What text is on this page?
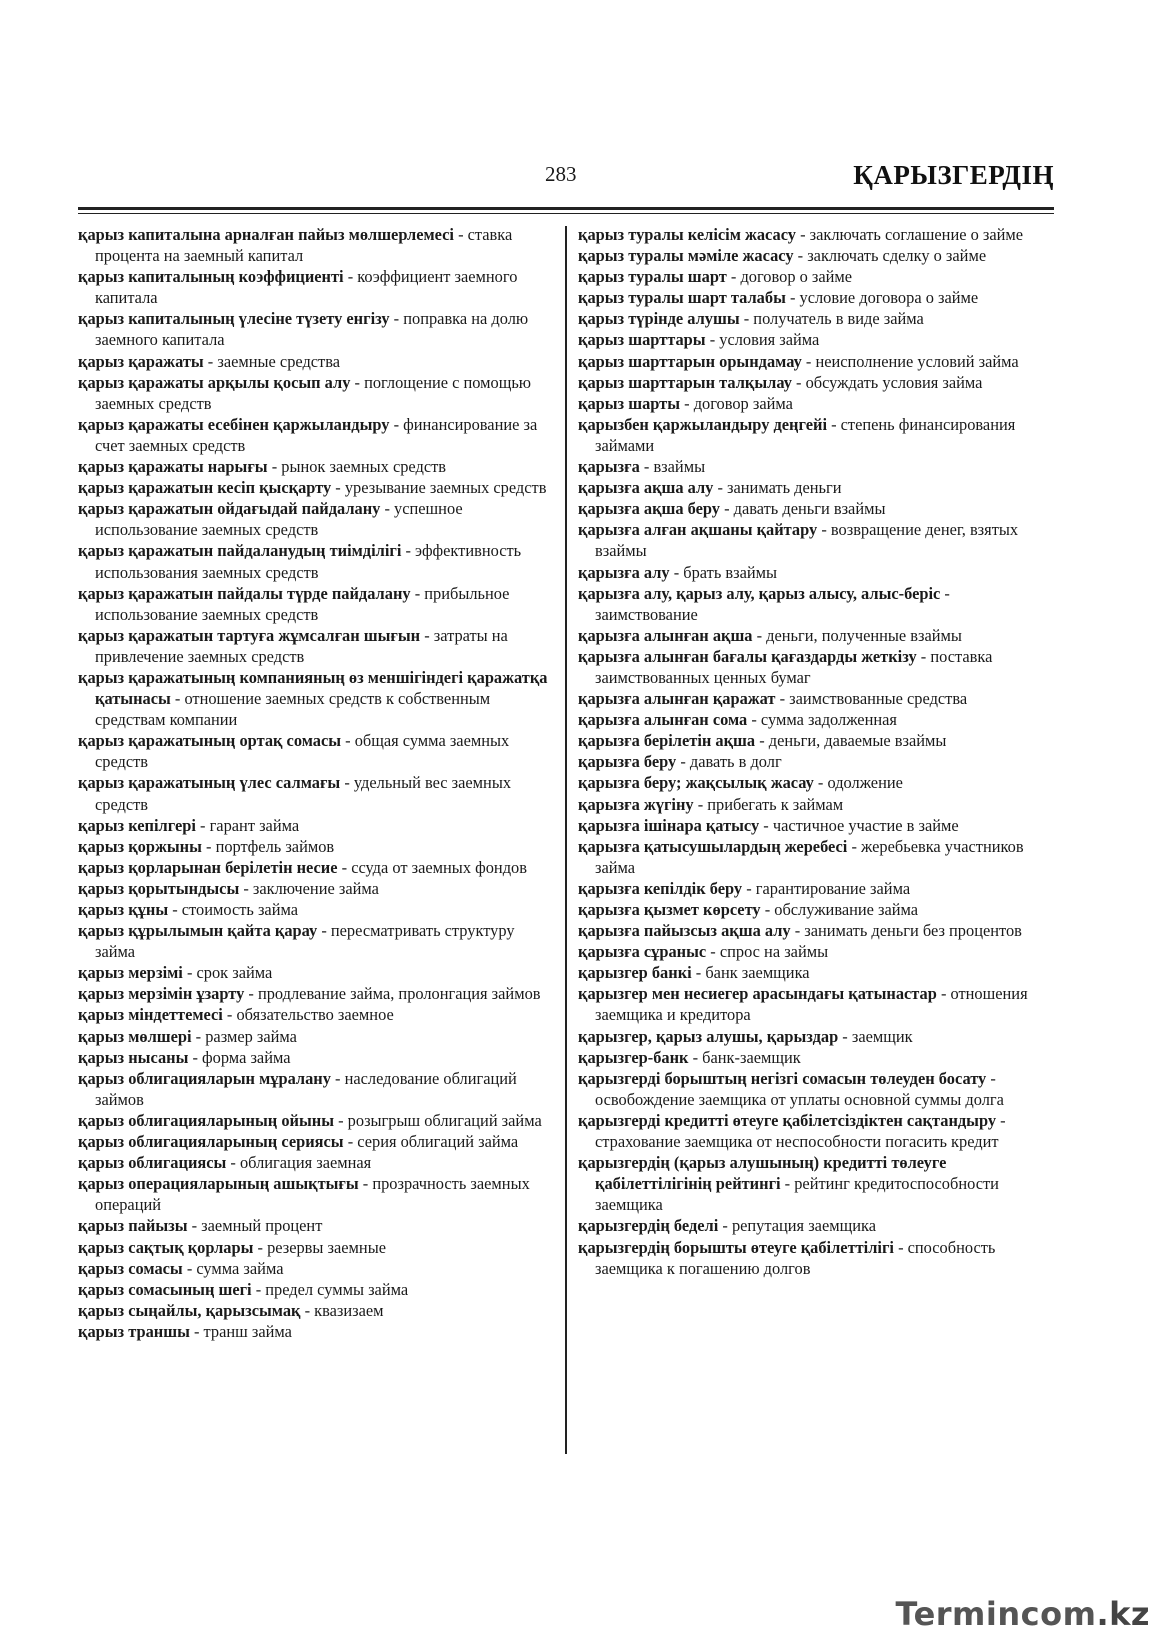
283	ҚАРЫЗГЕРДІҢ
қарыз капиталына арналған пайыз мөлшерлемесі - ставка процента на заемный капитал
қарыз капиталының коэффициенті - коэффициент заемного капитала
қарыз капиталының үлесіне түзету енгізу - поправка на долю заемного капитала
қарыз қаражаты - заемные средства
қарыз қаражаты арқылы қосып алу - поглощение с помощью заемных средств
қарыз қаражаты есебінен қаржыландыру - финансирование за счет заемных средств
қарыз қаражаты нарығы - рынок заемных средств
қарыз қаражатын кесіп қысқарту - урезывание заемных средств
қарыз қаражатын ойдағыдай пайдалану - успешное использование заемных средств
қарыз қаражатын пайдаланудың тиімділігі - эффективность использования заемных средств
қарыз қаражатын пайдалы түрде пайдалану - прибыльное использование заемных средств
қарыз қаражатын тартуға жұмсалған шығын - затраты на привлечение заемных средств
қарыз қаражатының компанияның өз меншігіндегі қаражатқа қатынасы - отношение заемных средств к собственным средствам компании
қарыз қаражатының ортақ сомасы - общая сумма заемных средств
қарыз қаражатының үлес салмағы - удельный вес заемных средств
қарыз кепілгері - гарант займа
қарыз қоржыны - портфель займов
қарыз қорларынан берілетін несие - ссуда от заемных фондов
қарыз қорытындысы - заключение займа
қарыз құны - стоимость займа
қарыз құрылымын қайта қарау - пересматривать структуру займа
қарыз мерзімі - срок займа
қарыз мерзімін ұзарту - продлевание займа, пролонгация займов
қарыз міндеттемесі - обязательство заемное
қарыз мөлшері - размер займа
қарыз нысаны - форма займа
қарыз облигацияларын мұралану - наследование облигаций займов
қарыз облигацияларының ойыны - розыгрыш облигаций займа
қарыз облигацияларының сериясы - серия облигаций займа
қарыз облигациясы - облигация заемная
қарыз операцияларының ашықтығы - прозрачность заемных операций
қарыз пайызы - заемный процент
қарыз сақтық қорлары - резервы заемные
қарыз сомасы - сумма займа
қарыз сомасының шегі - предел суммы займа
қарыз сыңайлы, қарызсымақ - квазизаем
қарыз траншы - транш займа
қарыз туралы келісім жасасу - заключать соглашение о займе
қарыз туралы мәміле жасасу - заключать сделку о займе
қарыз туралы шарт - договор о займе
қарыз туралы шарт талабы - условие договора о займе
қарыз түрінде алушы - получатель в виде займа
қарыз шарттары - условия займа
қарыз шарттарын орындамау - неисполнение условий займа
қарыз шарттарын талқылау - обсуждать условия займа
қарыз шарты - договор займа
қарызбен қаржыландыру деңгейі - степень финансирования займами
қарызға - взаймы
қарызға ақша алу - занимать деньги
қарызға ақша беру - давать деньги взаймы
қарызға алған ақшаны қайтару - возвращение денег, взятых взаймы
қарызға алу - брать взаймы
қарызға алу, қарыз алу, қарыз алысу, алыс-беріс - заимствование
қарызға алынған ақша - деньги, полученные взаймы
қарызға алынған бағалы қағаздарды жеткізу - поставка заимствованных ценных бумаг
қарызға алынған қаражат - заимствованные средства
қарызға алынған сома - сумма задолженная
қарызға берілетін ақша - деньги, даваемые взаймы
қарызға беру - давать в долг
қарызға беру; жақсылық жасау - одолжение
қарызға жүгіну - прибегать к займам
қарызға ішінара қатысу - частичное участие в займе
қарызға қатысушылардың жеребесі - жеребьевка участников займа
қарызға кепілдік беру - гарантирование займа
қарызға қызмет көрсету - обслуживание займа
қарызға пайызсыз ақша алу - занимать деньги без процентов
қарызға сұраныс - спрос на займы
қарызгер банкі - банк заемщика
қарызгер мен несиегер арасындағы қатынастар - отношения заемщика и кредитора
қарызгер, қарыз алушы, қарыздар - заемщик
қарызгер-банк - банк-заемщик
қарызгерді борыштың негізгі сомасын төлеуден босату - освобождение заемщика от уплаты основной суммы долга
қарызгерді кредитті өтеуге қабілетсіздіктен сақтандыру - страхование заемщика от неспособности погасить кредит
қарызгердің (қарыз алушының) кредитті төлеуге қабілеттілігінің рейтингі - рейтинг кредитоспособности заемщика
қарызгердің беделі - репутация заемщика
қарызгердің борышты өтеуге қабілеттілігі - способность заемщика к погашению долгов
Termincom.kz
